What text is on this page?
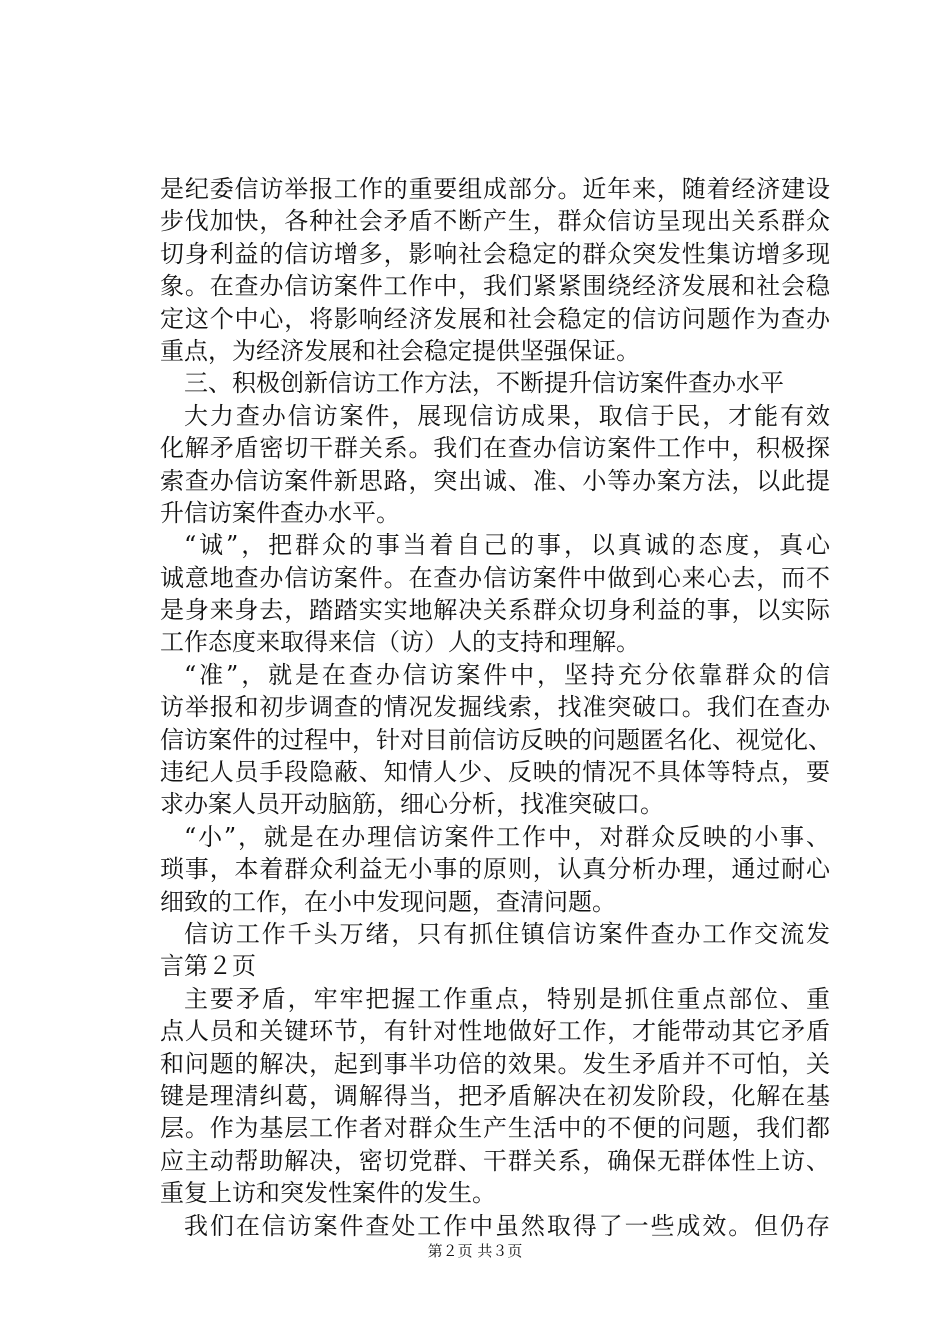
是纪委信访举报工作的重要组成部分。近年来，随着经济建设
步伐加快，各种社会矛盾不断产生，群众信访呈现出关系群众
切身利益的信访增多，影响社会稳定的群众突发性集访增多现
象。在查办信访案件工作中，我们紧紧围绕经济发展和社会稳
定这个中心，将影响经济发展和社会稳定的信访问题作为查办
重点，为经济发展和社会稳定提供坚强保证。
三、积极创新信访工作方法，不断提升信访案件查办水平
大力查办信访案件，展现信访成果，取信于民，才能有效
化解矛盾密切干群关系。我们在查办信访案件工作中，积极探
索查办信访案件新思路，突出诚、准、小等办案方法，以此提
升信访案件查办水平。
“诚”，把群众的事当着自己的事，以真诚的态度，真心
诚意地查办信访案件。在查办信访案件中做到心来心去，而不
是身来身去，踏踏实实地解决关系群众切身利益的事，以实际
工作态度来取得来信（访）人的支持和理解。
“准”，就是在查办信访案件中，坚持充分依靠群众的信
访举报和初步调查的情况发掘线索，找准突破口。我们在查办
信访案件的过程中，针对目前信访反映的问题匿名化、视觉化、
违纪人员手段隐蔽、知情人少、反映的情况不具体等特点，要
求办案人员开动脑筋，细心分析，找准突破口。
“小”，就是在办理信访案件工作中，对群众反映的小事、
琐事，本着群众利益无小事的原则，认真分析办理，通过耐心
细致的工作，在小中发现问题，查清问题。
信访工作千头万绪，只有抓住镇信访案件查办工作交流发
言第２页
主要矛盾，牢牢把握工作重点，特别是抓住重点部位、重
点人员和关键环节，有针对性地做好工作，才能带动其它矛盾
和问题的解决，起到事半功倍的效果。发生矛盾并不可怕，关
键是理清纠葛，调解得当，把矛盾解决在初发阶段，化解在基
层。作为基层工作者对群众生产生活中的不便的问题，我们都
应主动帮助解决，密切党群、干群关系，确保无群体性上访、
重复上访和突发性案件的发生。
我们在信访案件查处工作中虽然取得了一些成效。但仍存
第２页 共３页
